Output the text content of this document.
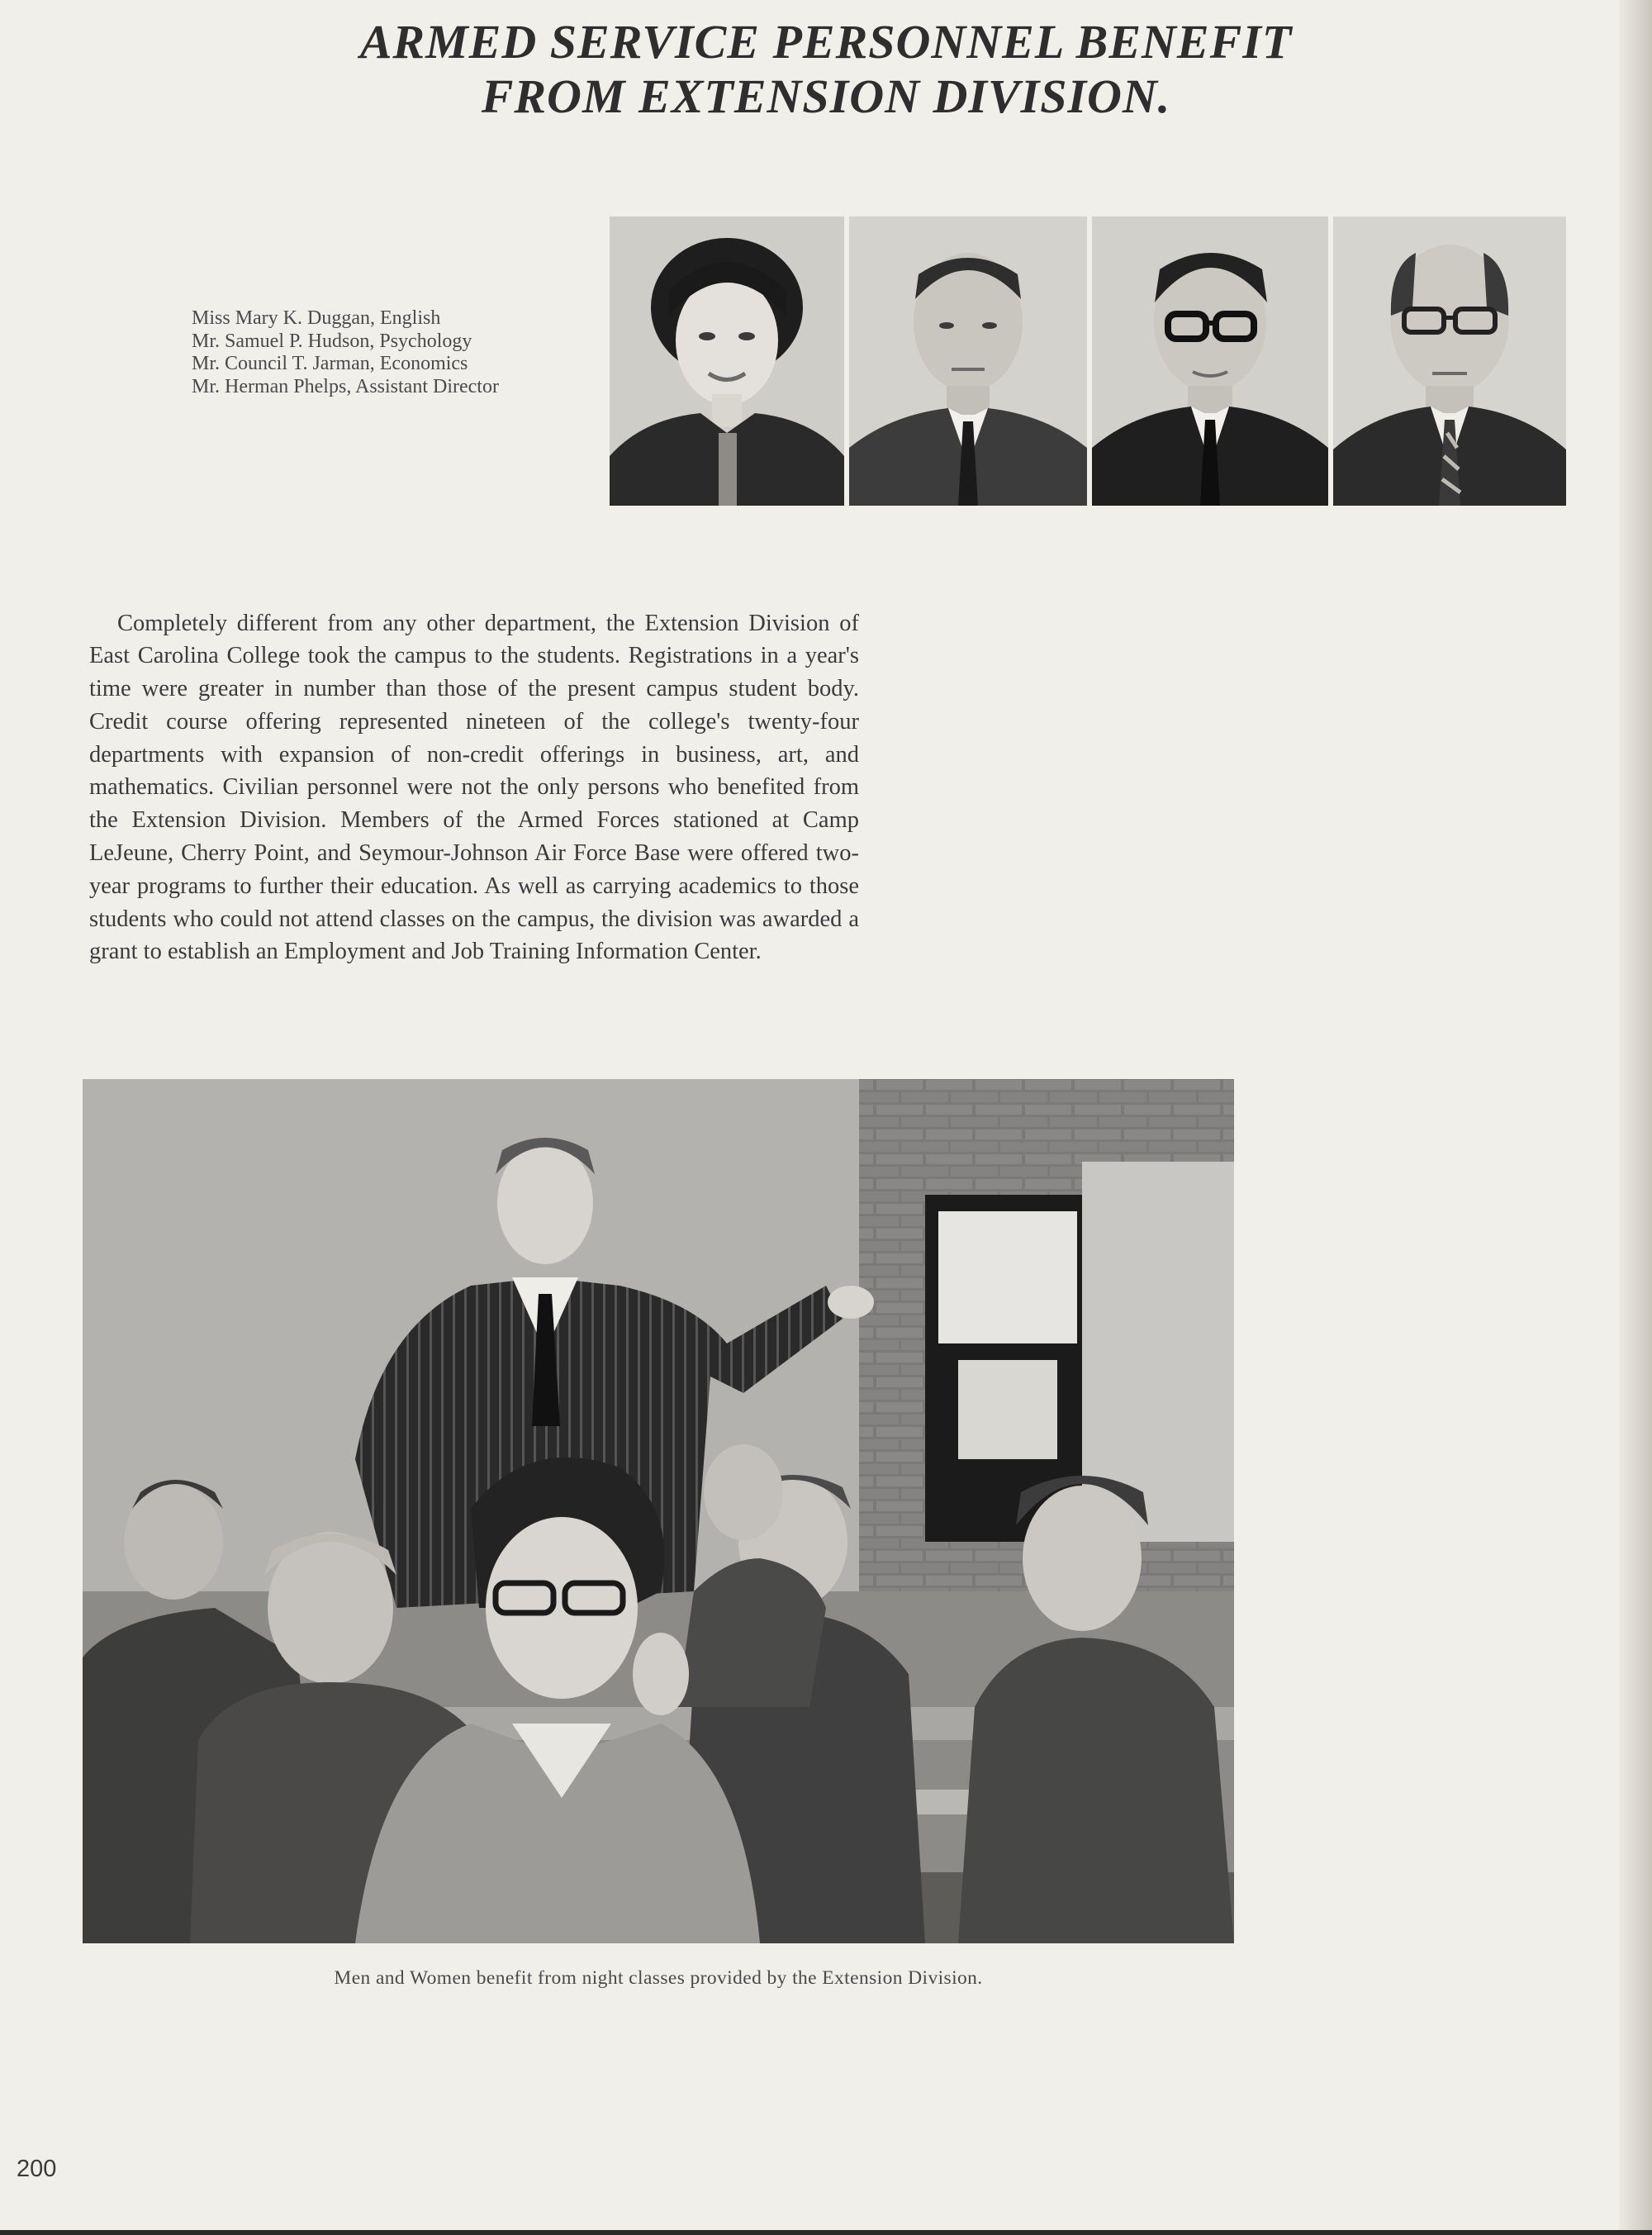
ARMED SERVICE PERSONNEL BENEFIT
FROM EXTENSION DIVISION.
Miss Mary K. Duggan, English
Mr. Samuel P. Hudson, Psychology
Mr. Council T. Jarman, Economics
Mr. Herman Phelps, Assistant Director

Completely different from any other department, the Extension Division of East Carolina College took the campus to the students. Registrations in a year's time were greater in number than those of the present campus student body. Credit course offering represented nineteen of the college's twenty-four departments with expansion of non-credit offerings in business, art, and mathematics. Civilian personnel were not the only persons who benefited from the Extension Division. Members of the Armed Forces stationed at Camp LeJeune, Cherry Point, and Seymour-Johnson Air Force Base were offered two-year programs to further their education. As well as carrying academics to those students who could not attend classes on the campus, the division was awarded a grant to establish an Employment and Job Training Information Center.

Men and Women benefit from night classes provided by the Extension Division.
200
